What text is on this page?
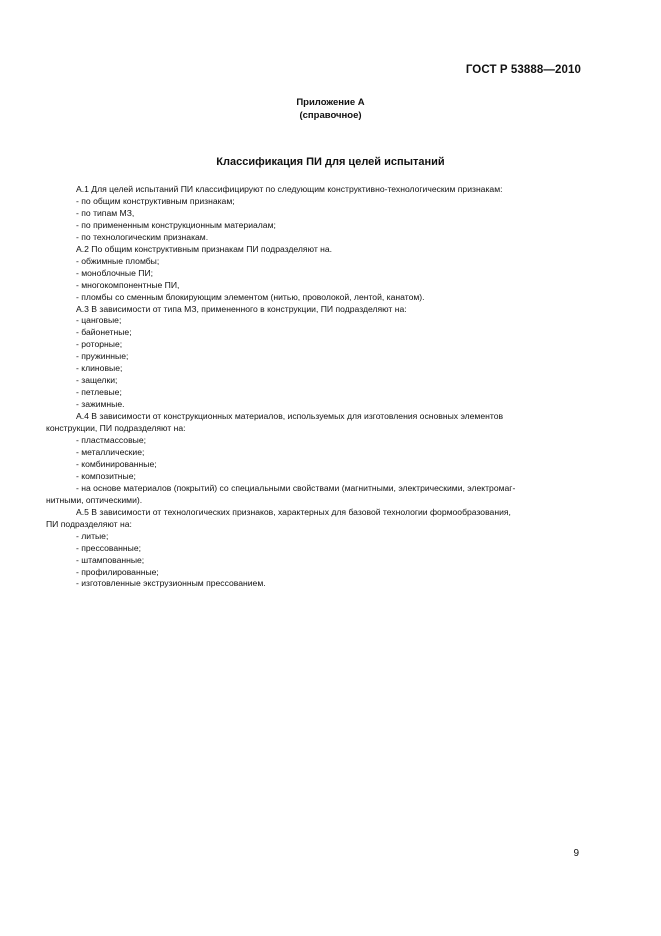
ГОСТ Р 53888—2010
Приложение А
(справочное)
Классификация ПИ для целей испытаний
А.1 Для целей испытаний ПИ классифицируют по следующим конструктивно-технологическим признакам:
- по общим конструктивным признакам;
- по типам МЗ,
- по примененным конструкционным материалам;
- по технологическим признакам.
А.2 По общим конструктивным признакам ПИ подразделяют на.
- обжимные пломбы;
- моноблочные ПИ;
- многокомпонентные ПИ,
- пломбы со сменным блокирующим элементом (нитью, проволокой, лентой, канатом).
А.3 В зависимости от типа МЗ, примененного в конструкции, ПИ подразделяют на:
- цанговые;
- байонетные;
- роторные;
- пружинные;
- клиновые;
- защелки;
- петлевые;
- зажимные.
А.4 В зависимости от конструкционных материалов, используемых для изготовления основных элементов
конструкции, ПИ подразделяют на:
- пластмассовые;
- металлические;
- комбинированные;
- композитные;
- на основе материалов (покрытий) со специальными свойствами (магнитными, электрическими, электромаг-
нитными, оптическими).
А.5 В зависимости от технологических признаков, характерных для базовой технологии формообразования,
ПИ подразделяют на:
- литые;
- прессованные;
- штампованные;
- профилированные;
- изготовленные экструзионным прессованием.
9
